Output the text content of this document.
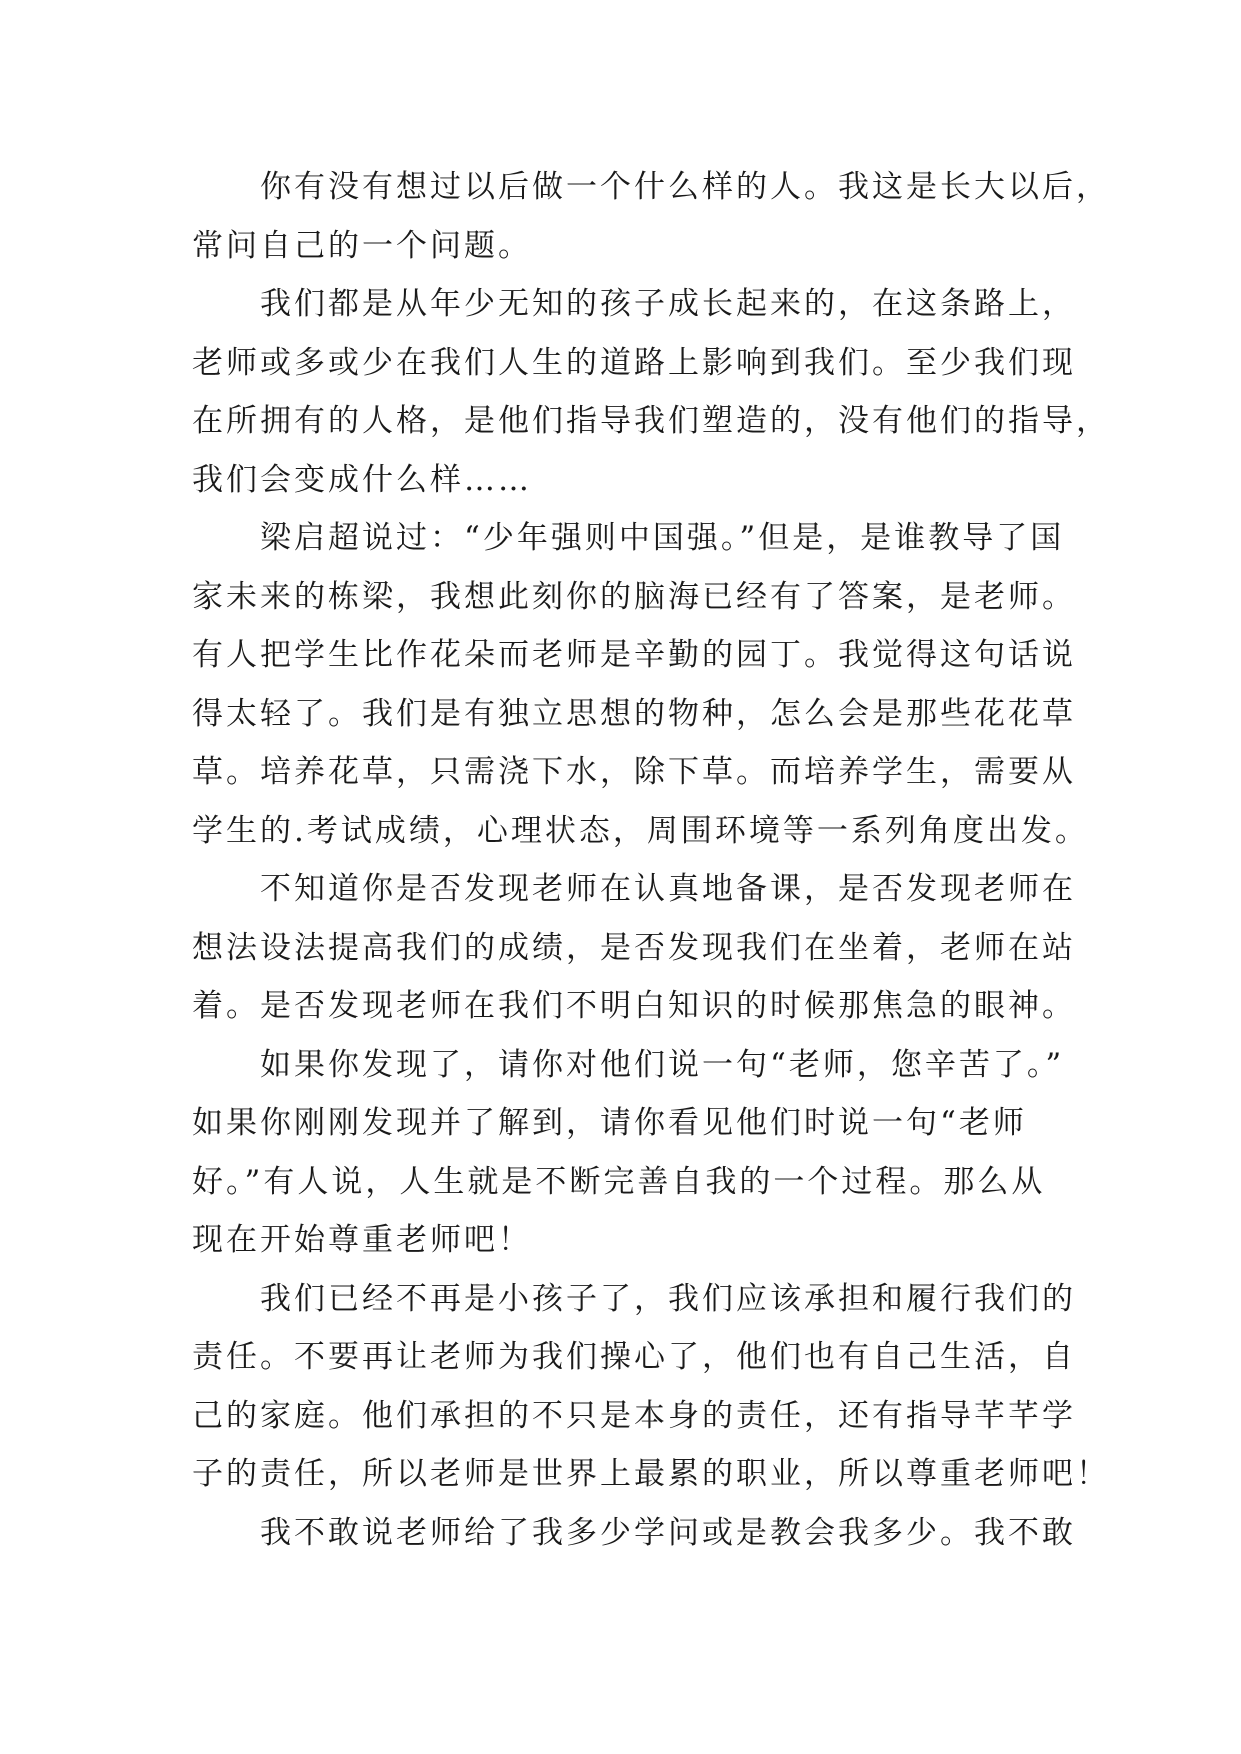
你有没有想过以后做一个什么样的人。我这是长大以后，
常问自己的一个问题。
我们都是从年少无知的孩子成长起来的，在这条路上，
老师或多或少在我们人生的道路上影响到我们。至少我们现
在所拥有的人格，是他们指导我们塑造的，没有他们的指导，
我们会变成什么样……
梁启超说过：“少年强则中国强。”但是，是谁教导了国
家未来的栋梁，我想此刻你的脑海已经有了答案，是老师。
有人把学生比作花朵而老师是辛勤的园丁。我觉得这句话说
得太轻了。我们是有独立思想的物种，怎么会是那些花花草
草。培养花草，只需浇下水，除下草。而培养学生，需要从
学生的.考试成绩，心理状态，周围环境等一系列角度出发。
不知道你是否发现老师在认真地备课，是否发现老师在
想法设法提高我们的成绩，是否发现我们在坐着，老师在站
着。是否发现老师在我们不明白知识的时候那焦急的眼神。
如果你发现了，请你对他们说一句“老师，您辛苦了。”
如果你刚刚发现并了解到，请你看见他们时说一句“老师
好。”有人说，人生就是不断完善自我的一个过程。那么从
现在开始尊重老师吧！
我们已经不再是小孩子了，我们应该承担和履行我们的
责任。不要再让老师为我们操心了，他们也有自己生活，自
己的家庭。他们承担的不只是本身的责任，还有指导芊芊学
子的责任，所以老师是世界上最累的职业，所以尊重老师吧！
我不敢说老师给了我多少学问或是教会我多少。我不敢
